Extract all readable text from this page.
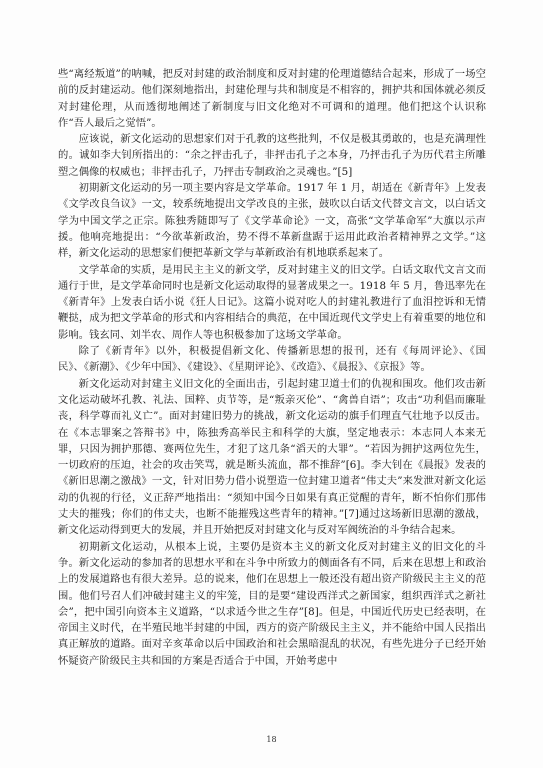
些“离经叛道”的呐喊，把反对封建的政治制度和反对封建的伦理道德结合起来，形成了一场空前的反封建运动。他们深刻地指出，封建伦理与共和制度是不相容的，拥护共和国体就必须反对封建伦理，从而透彻地阐述了新制度与旧文化绝对不可调和的道理。他们把这个认识称作“吾人最后之觉悟”。

应该说，新文化运动的思想家们对于孔教的这些批判，不仅是极其勇敢的，也是充满理性的。诚如李大钊所指出的：“余之抨击孔子，非抨击孔子之本身，乃抨击孔子为历代君主所雕塑之偶像的权威也；非抨击孔子，乃抨击专制政治之灵魂也。”[5]

初期新文化运动的另一项主要内容是文学革命。1917 年 1 月，胡适在《新青年》上发表《文学改良刍议》一文，较系统地提出文学改良的主张，鼓吹以白话文代替文言文，以白话文学为中国文学之正宗。陈独秀随即写了《文学革命论》一文，高张“文学革命军”大旗以示声援。他响亮地提出：“今欲革新政治，势不得不革新盘踞于运用此政治者精神界之文学。”这样，新文化运动的思想家们便把革新文学与革新政治有机地联系起来了。

文学革命的实质，是用民主主义的新文学，反对封建主义的旧文学。白话文取代文言文而通行于世，是文学革命同时也是新文化运动取得的显著成果之一。1918 年 5 月，鲁迅率先在《新青年》上发表白话小说《狂人日记》。这篇小说对吃人的封建礼教进行了血泪控诉和无情鞭挞，成为把文学革命的形式和内容相结合的典范，在中国近现代文学史上有着重要的地位和影响。钱玄同、刘半农、周作人等也积极参加了这场文学革命。

除了《新青年》以外，积极提倡新文化、传播新思想的报刊，还有《每周评论》、《国民》、《新潮》、《少年中国》、《建设》、《星期评论》、《改造》、《晨报》、《京报》等。

新文化运动对封建主义旧文化的全面出击，引起封建卫道士们的仇视和围攻。他们攻击新文化运动破坏孔教、礼法、国粹、贞节等，是“叛亲灭伦”、“禽兽自语”；攻击“功利倡而廉耻丧，科学尊而礼义亡”。面对封建旧势力的挑战，新文化运动的旗手们理直气壮地予以反击。在《本志罪案之答辩书》中，陈独秀高举民主和科学的大旗，坚定地表示：本志同人本来无罪，只因为拥护那德、赛两位先生，才犯了这几条“滔天的大罪”。“若因为拥护这两位先生，一切政府的压迫，社会的攻击笑骂，就是断头流血，都不推辞”[6]。李大钊在《晨报》发表的《新旧思潮之激战》一文，针对旧势力借小说塑造一位封建卫道者“伟丈夫”来发泄对新文化运动的仇视的行径，义正辞严地指出：“须知中国今日如果有真正觉醒的青年，断不怕你们那伟丈夫的摧残；你们的伟丈夫，也断不能摧残这些青年的精神。”[7]通过这场新旧思潮的激战，新文化运动得到更大的发展，并且开始把反对封建文化与反对军阀统治的斗争结合起来。

初期新文化运动，从根本上说，主要仍是资本主义的新文化反对封建主义的旧文化的斗争。新文化运动的参加者的思想水平和在斗争中所致力的侧面各有不同，后来在思想上和政治上的发展道路也有很大差异。总的说来，他们在思想上一般还没有超出资产阶级民主主义的范围。他们号召人们冲破封建主义的牢笼，目的是要“建设西洋式之新国家，组织西洋式之新社会”，把中国引向资本主义道路，“以求适今世之生存”[8]。但是，中国近代历史已经表明，在帝国主义时代，在半殖民地半封建的中国，西方的资产阶级民主主义，并不能给中国人民指出真正解放的道路。面对辛亥革命以后中国政治和社会黑暗混乱的状况，有些先进分子已经开始怀疑资产阶级民主共和国的方案是否适合于中国，开始考虑中

18
